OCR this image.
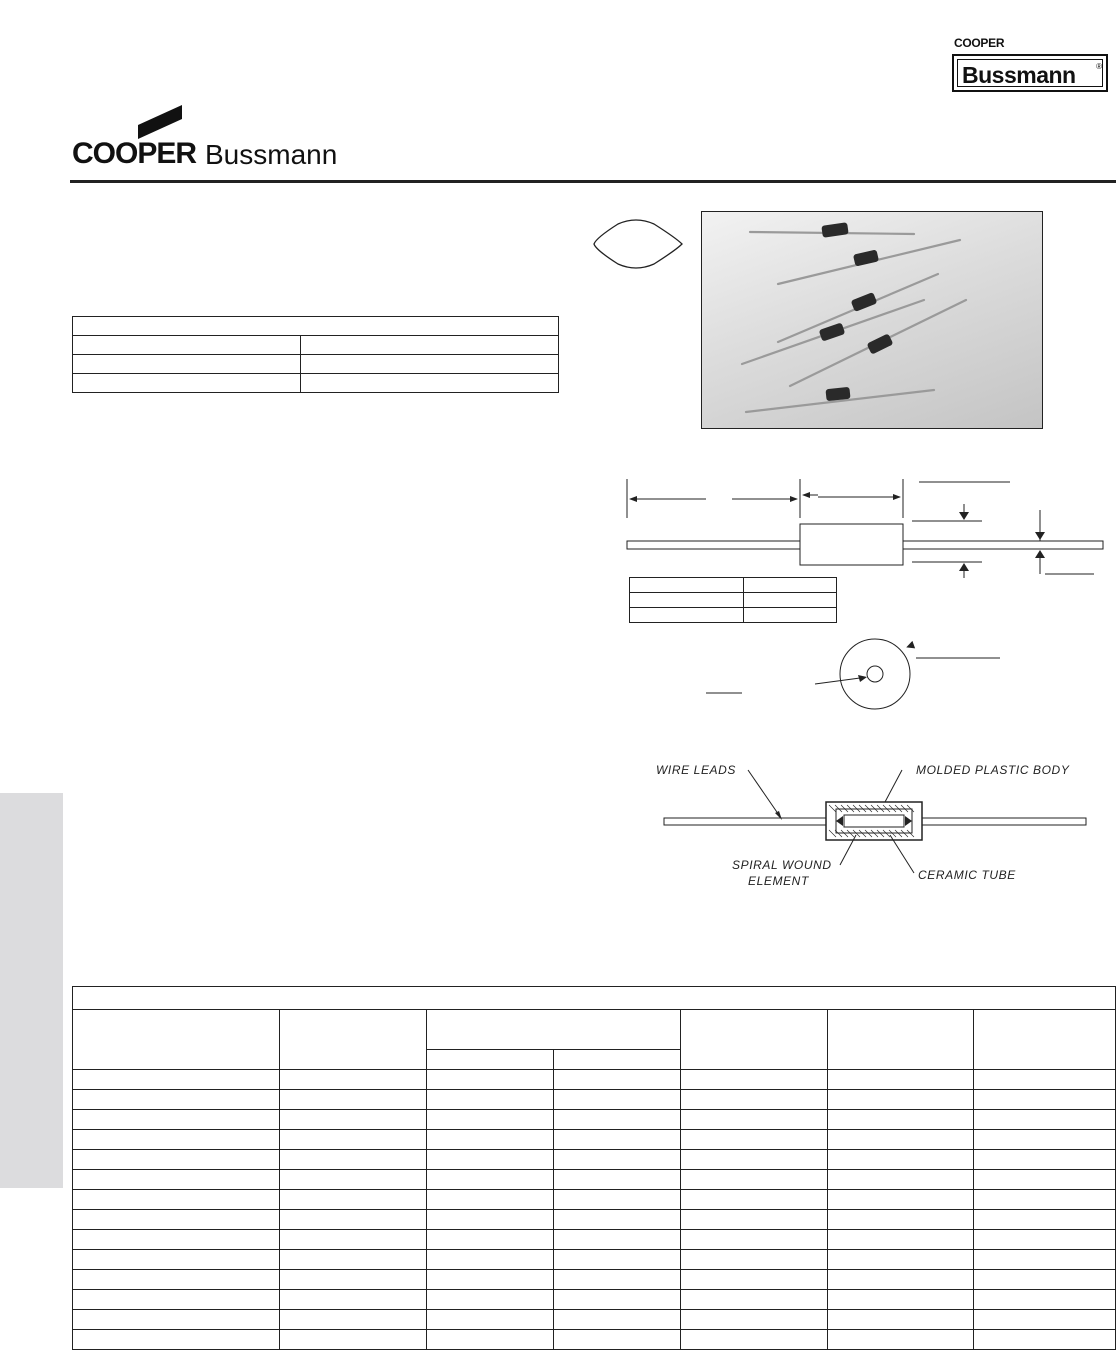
COOPER
Bussmann	®
COOPER Bussmann

WIRE LEADS	MOLDED PLASTIC BODY
SPIRAL WOUND
ELEMENT	CERAMIC TUBE
